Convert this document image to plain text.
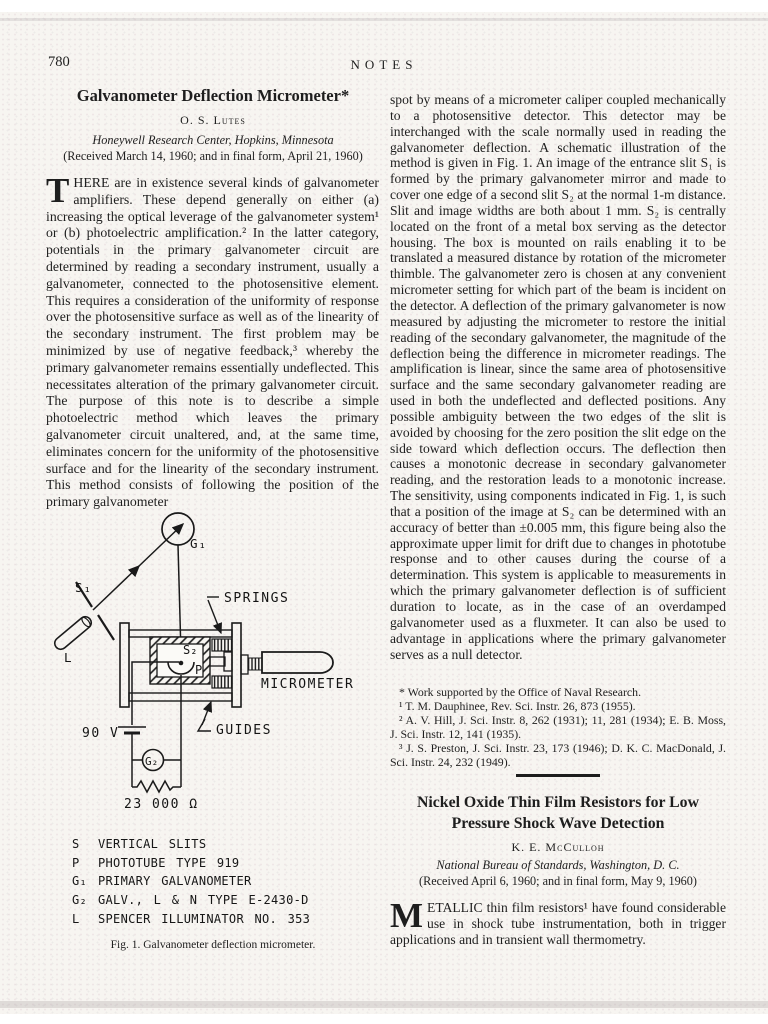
780	NOTES
Galvanometer Deflection Micrometer*
O. S. Lutes
Honeywell Research Center, Hopkins, Minnesota
(Received March 14, 1960; and in final form, April 21, 1960)
THERE are in existence several kinds of galvanometer amplifiers. These depend generally on either (a) increasing the optical leverage of the galvanometer system¹ or (b) photoelectric amplification.² In the latter category, potentials in the primary galvanometer circuit are determined by reading a secondary instrument, usually a galvanometer, connected to the photosensitive element. This requires a consideration of the uniformity of response over the photosensitive surface as well as of the linearity of the secondary instrument. The first problem may be minimized by use of negative feedback,³ whereby the primary galvanometer remains essentially undeflected. This necessitates alteration of the primary galvanometer circuit. The purpose of this note is to describe a simple photoelectric method which leaves the primary galvanometer circuit unaltered, and, at the same time, eliminates concern for the uniformity of the photosensitive surface and for the linearity of the secondary instrument. This method consists of following the position of the primary galvanometer
G₁
S₁
L	S₂
P
SPRINGS
MICROMETER
GUIDES
90 V
G₂
23 000 Ω
S	VERTICAL SLITS
P	PHOTOTUBE TYPE 919
G₁ PRIMARY GALVANOMETER
G₂ GALV., L & N TYPE E-2430-D
L	SPENCER ILLUMINATOR NO. 353
Fig. 1. Galvanometer deflection micrometer.
spot by means of a micrometer caliper coupled mechanically to a photosensitive detector. This detector may be interchanged with the scale normally used in reading the galvanometer deflection. A schematic illustration of the method is given in Fig. 1. An image of the entrance slit S₁ is formed by the primary galvanometer mirror and made to cover one edge of a second slit S₂ at the normal 1-m distance. Slit and image widths are both about 1 mm. S₂ is centrally located on the front of a metal box serving as the detector housing. The box is mounted on rails enabling it to be translated a measured distance by rotation of the micrometer thimble. The galvanometer zero is chosen at any convenient micrometer setting for which part of the beam is incident on the detector. A deflection of the primary galvanometer is now measured by adjusting the micrometer to restore the initial reading of the secondary galvanometer, the magnitude of the deflection being the difference in micrometer readings. The amplification is linear, since the same area of photosensitive surface and the same secondary galvanometer reading are used in both the undeflected and deflected positions. Any possible ambiguity between the two edges of the slit is avoided by choosing for the zero position the slit edge on the side toward which deflection occurs. The deflection then causes a monotonic decrease in secondary galvanometer reading, and the restoration leads to a monotonic increase. The sensitivity, using components indicated in Fig. 1, is such that a position of the image at S₂ can be determined with an accuracy of better than ±0.005 mm, this figure being also the approximate upper limit for drift due to changes in phototube response and to other causes during the course of a determination. This system is applicable to measurements in which the primary galvanometer deflection is of sufficient duration to locate, as in the case of an overdamped galvanometer used as a fluxmeter. It can also be used to advantage in applications where the primary galvanometer serves as a null detector.

* Work supported by the Office of Naval Research.

¹ T. M. Dauphinee, Rev. Sci. Instr. 26, 873 (1955).

² A. V. Hill, J. Sci. Instr. 8, 262 (1931); 11, 281 (1934); E. B. Moss, J. Sci. Instr. 12, 141 (1935).

³ J. S. Preston, J. Sci. Instr. 23, 173 (1946); D. K. C. MacDonald, J. Sci. Instr. 24, 232 (1949).

Nickel Oxide Thin Film Resistors for Low
Pressure Shock Wave Detection
K. E. McCulloh
National Bureau of Standards, Washington, D. C.
(Received April 6, 1960; and in final form, May 9, 1960)
METALLIC thin film resistors¹ have found considerable use in shock tube instrumentation, both in trigger applications and in transient wall thermometry.
